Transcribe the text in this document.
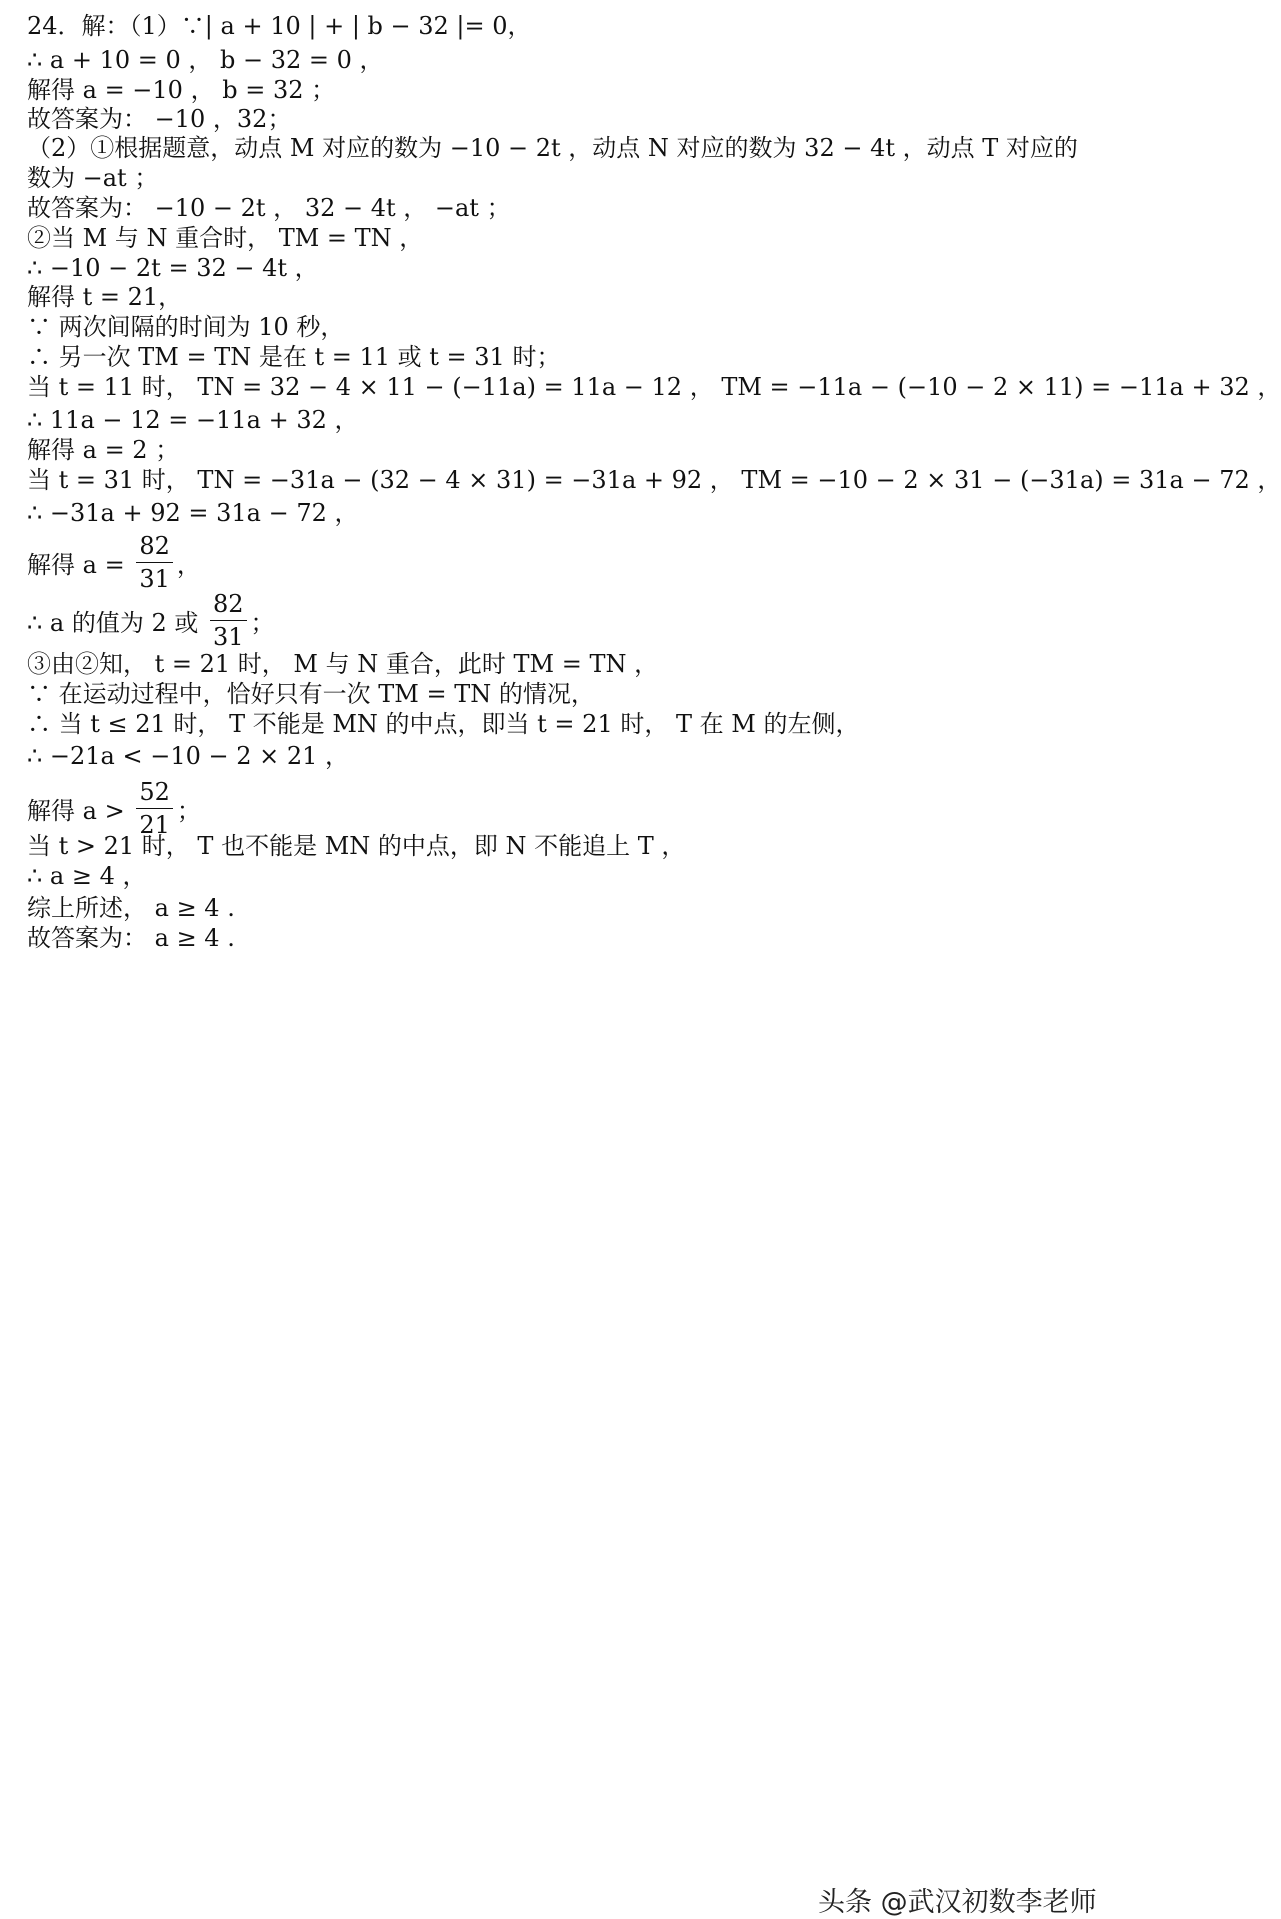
24．解：（1）∵| a + 10 | + | b − 32 |= 0，
∴ a + 10 = 0 ， b − 32 = 0 ，
解得 a = −10 ， b = 32 ；
故答案为： −10 ，32；
（2）①根据题意，动点 M 对应的数为 −10 − 2t ，动点 N 对应的数为 32 − 4t ，动点 T 对应的
数为 −at ；
故答案为： −10 − 2t ， 32 − 4t ， −at ；
②当 M 与 N 重合时， TM = TN ，
∴ −10 − 2t = 32 − 4t ，
解得 t = 21，
∵ 两次间隔的时间为 10 秒，
∴ 另一次 TM = TN 是在 t = 11 或 t = 31 时；
当 t = 11 时， TN = 32 − 4 × 11 − (−11a) = 11a − 12 ， TM = −11a − (−10 − 2 × 11) = −11a + 32 ，
∴ 11a − 12 = −11a + 32 ，
解得 a = 2 ；
当 t = 31 时， TN = −31a − (32 − 4 × 31) = −31a + 92 ， TM = −10 − 2 × 31 − (−31a) = 31a − 72 ，
∴ −31a + 92 = 31a − 72 ，
解得 $a = \frac{82}{31}$ ，
∴ a 的值为 2 或 $\frac{82}{31}$ ；
③由②知， t = 21 时， M 与 N 重合，此时 TM = TN ，
∵ 在运动过程中，恰好只有一次 TM = TN 的情况，
∴ 当 t ≤ 21 时， T 不能是 MN 的中点，即当 t = 21 时， T 在 M 的左侧，
∴ −21a < −10 − 2 × 21 ，
解得 $a > \frac{52}{21}$ ；
当 t > 21 时， T 也不能是 MN 的中点，即 N 不能追上 T ，
∴ a ≥ 4 ，
综上所述， a ≥ 4 .
故答案为： a ≥ 4 .
头条 @武汉初数李老师
